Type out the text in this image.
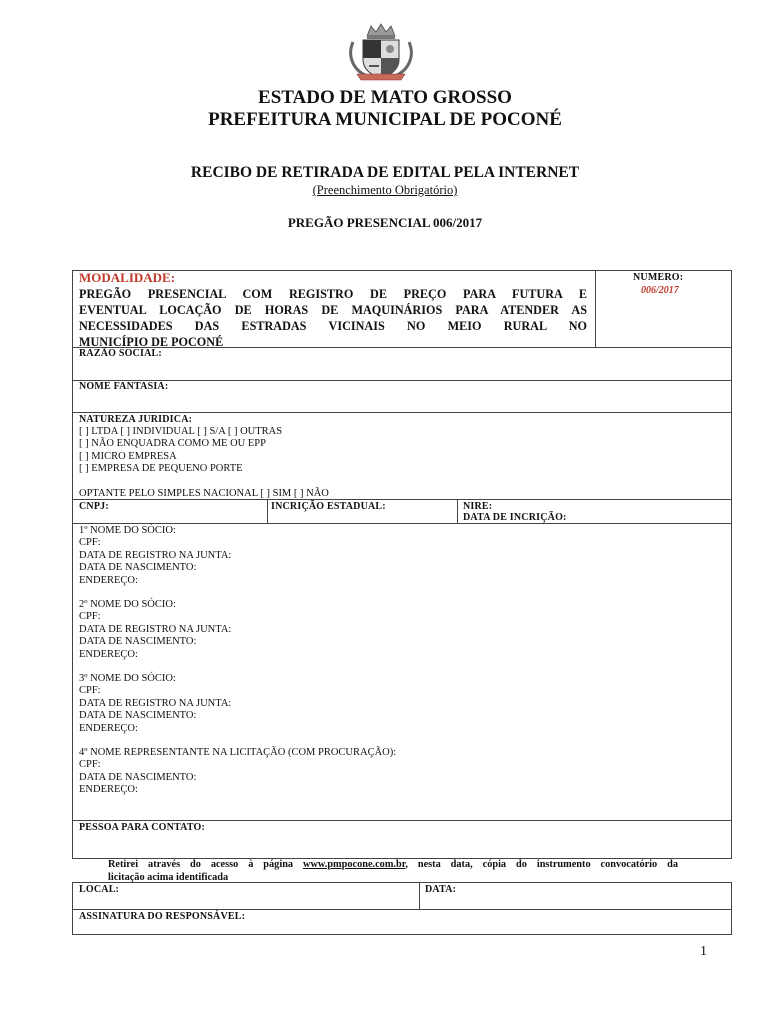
ESTADO DE MATO GROSSO
PREFEITURA MUNICIPAL DE POCONÉ
RECIBO DE RETIRADA DE EDITAL PELA INTERNET
(Preenchimento Obrigatório)
PREGÃO PRESENCIAL 006/2017
MODALIDADE:
PREGÃO PRESENCIAL COM REGISTRO DE PREÇO PARA FUTURA E
EVENTUAL LOCAÇÃO DE HORAS DE MAQUINÁRIOS PARA ATENDER AS
NECESSIDADES DAS ESTRADAS VICINAIS NO MEIO RURAL NO
MUNICÍPIO DE POCONÉ
NUMERO:
006/2017
RAZÃO SOCIAL:
NOME FANTASIA:
NATUREZA JURIDICA:
[ ] LTDA [ ] INDIVIDUAL [ ] S/A [ ] OUTRAS
[ ] NÃO ENQUADRA COMO ME OU EPP
[ ] MICRO EMPRESA
[ ] EMPRESA DE PEQUENO PORTE
OPTANTE PELO SIMPLES NACIONAL [ ] SIM [ ] NÃO
CNPJ:	INCRIÇÃO ESTADUAL:	NIRE:
DATA DE INCRIÇÃO:
1º NOME DO SÓCIO:
CPF:
DATA DE REGISTRO NA JUNTA:
DATA DE NASCIMENTO:
ENDEREÇO:
2º NOME DO SÓCIO:
CPF:
DATA DE REGISTRO NA JUNTA:
DATA DE NASCIMENTO:
ENDEREÇO:
3º NOME DO SÓCIO:
CPF:
DATA DE REGISTRO NA JUNTA:
DATA DE NASCIMENTO:
ENDEREÇO:
4º NOME REPRESENTANTE NA LICITAÇÃO (COM PROCURAÇÃO):
CPF:
DATA DE NASCIMENTO:
ENDEREÇO:
PESSOA PARA CONTATO:
Retirei através do acesso à página www.pmpocone.com.br, nesta data, cópia do instrumento convocatório da
licitação acima identificada
LOCAL:	DATA:
ASSINATURA DO RESPONSÁVEL:
1
